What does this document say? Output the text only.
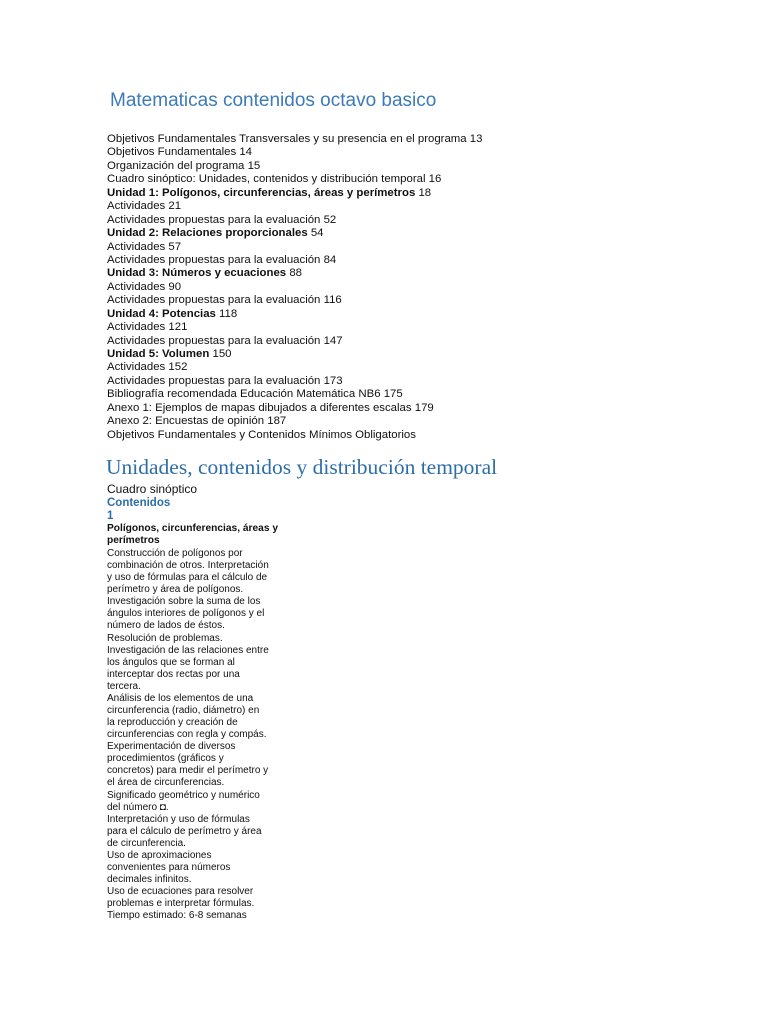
Matematicas contenidos octavo basico
Objetivos Fundamentales Transversales y su presencia en el programa 13
Objetivos Fundamentales 14
Organización del programa 15
Cuadro sinóptico: Unidades, contenidos y distribución temporal 16
Unidad 1: Polígonos, circunferencias, áreas y perímetros 18
Actividades 21
Actividades propuestas para la evaluación 52
Unidad 2: Relaciones proporcionales 54
Actividades 57
Actividades propuestas para la evaluación 84
Unidad 3: Números y ecuaciones 88
Actividades 90
Actividades propuestas para la evaluación 116
Unidad 4: Potencias 118
Actividades 121
Actividades propuestas para la evaluación 147
Unidad 5: Volumen 150
Actividades 152
Actividades propuestas para la evaluación 173
Bibliografía recomendada Educación Matemática NB6 175
Anexo 1: Ejemplos de mapas dibujados a diferentes escalas 179
Anexo 2: Encuestas de opinión 187
Objetivos Fundamentales y Contenidos Mínimos Obligatorios
Unidades, contenidos y distribución temporal
Cuadro sinóptico
Contenidos
1
Polígonos, circunferencias, áreas y perímetros
Construcción de polígonos por
combinación de otros. Interpretación
y uso de fórmulas para el cálculo de
perímetro y área de polígonos.
Investigación sobre la suma de los
ángulos interiores de polígonos y el
número de lados de éstos.
Resolución de problemas.
Investigación de las relaciones entre
los ángulos que se forman al
interceptar dos rectas por una
tercera.
Análisis de los elementos de una
circunferencia (radio, diámetro) en
la reproducción y creación de
circunferencias con regla y compás.
Experimentación de diversos
procedimientos (gráficos y
concretos) para medir el perímetro y
el área de circunferencias.
Significado geométrico y numérico
del número ◘.
Interpretación y uso de fórmulas
para el cálculo de perímetro y área
de circunferencia.
Uso de aproximaciones
convenientes para números
decimales infinitos.
Uso de ecuaciones para resolver
problemas e interpretar fórmulas.
Tiempo estimado: 6-8 semanas
